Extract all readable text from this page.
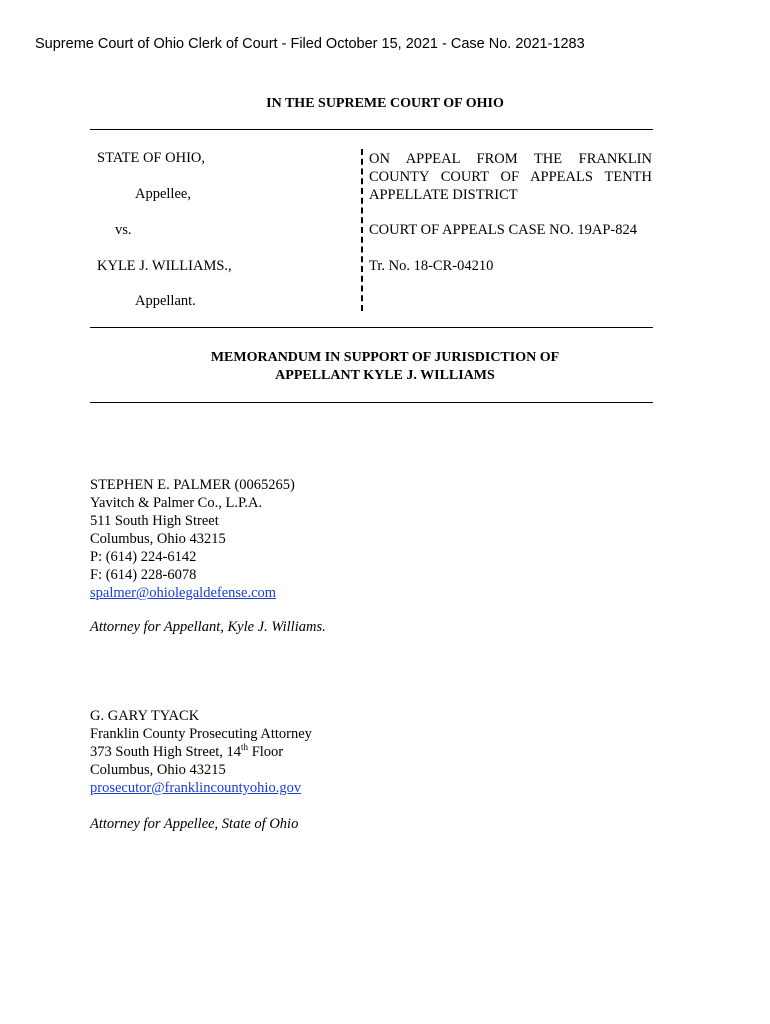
Supreme Court of Ohio Clerk of Court - Filed October 15, 2021 - Case No. 2021-1283
IN THE SUPREME COURT OF OHIO
STATE OF OHIO,
Appellee,
vs.
KYLE J. WILLIAMS.,
Appellant.
ON APPEAL FROM THE FRANKLIN COUNTY COURT OF APPEALS TENTH APPELLATE DISTRICT
COURT OF APPEALS CASE NO. 19AP-824
Tr. No. 18-CR-04210
MEMORANDUM IN SUPPORT OF JURISDICTION OF
APPELLANT KYLE J. WILLIAMS
STEPHEN E. PALMER (0065265)
Yavitch & Palmer Co., L.P.A.
511 South High Street
Columbus, Ohio 43215
P: (614) 224-6142
F: (614) 228-6078
spalmer@ohiolegaldefense.com
Attorney for Appellant, Kyle J. Williams.
G. GARY TYACK
Franklin County Prosecuting Attorney
373 South High Street, 14th Floor
Columbus, Ohio 43215
prosecutor@franklincountyohio.gov
Attorney for Appellee, State of Ohio
